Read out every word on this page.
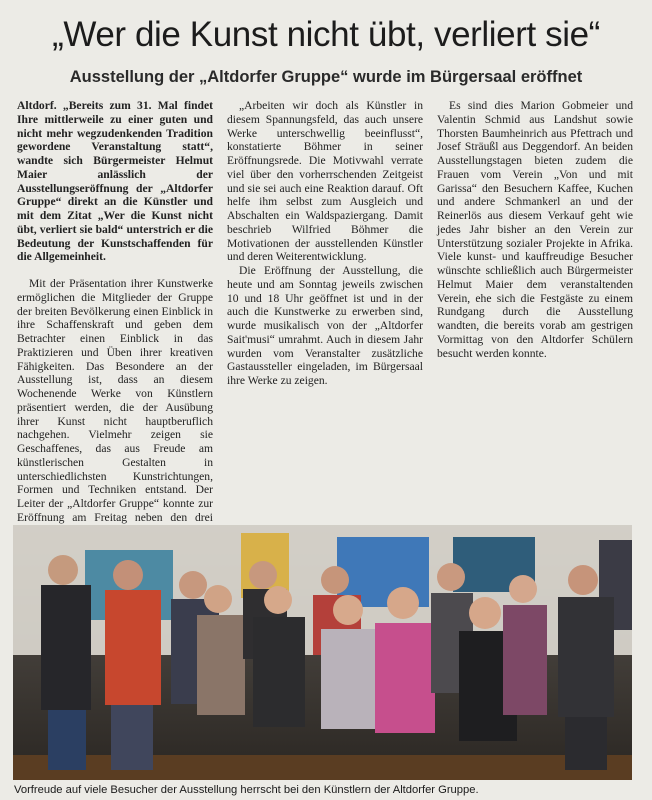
„Wer die Kunst nicht übt, verliert sie“
Ausstellung der „Altdorfer Gruppe“ wurde im Bürgersaal eröffnet

Altdorf. „Bereits zum 31. Mal findet Ihre mittlerweile zu einer guten und nicht mehr wegzudenkenden Tradition gewordene Veranstaltung statt“, wandte sich Bürgermeister Helmut Maier anlässlich der Ausstellungseröffnung der „Altdorfer Gruppe“ direkt an die Künstler und mit dem Zitat „Wer die Kunst nicht übt, verliert sie bald“ unterstrich er die Bedeutung der Kunstschaffenden für die Allgemeinheit.

Mit der Präsentation ihrer Kunstwerke ermöglichen die Mitglieder der Gruppe der breiten Bevölkerung einen Einblick in ihre Schaffenskraft und geben dem Betrachter einen Einblick in das Praktizieren und Üben ihrer kreativen Fähigkeiten. Das Besondere an der Ausstellung ist, dass an diesem Wochenende Werke von Künstlern präsentiert werden, die der Ausübung ihrer Kunst nicht hauptberuflich nachgehen. Vielmehr zeigen sie Geschaffenes, das aus Freude am künstlerischen Gestalten in unterschiedlichsten Kunstrichtungen, Formen und Techniken entstand. Der Leiter der „Altdorfer Gruppe“ konnte zur Eröffnung am Freitag neben den drei

„Arbeiten wir doch als Künstler in diesem Spannungsfeld, das auch unsere Werke unterschwellig beeinflusst“, konstatierte Böhmer in seiner Eröffnungsrede. Die Motivwahl verrate viel über den vorherrschenden Zeitgeist und sie sei auch eine Reaktion darauf. Oft helfe ihm selbst zum Ausgleich und Abschalten ein Waldspaziergang. Damit beschrieb Wilfried Böhmer die Motivationen der ausstellenden Künstler und deren Weiterentwicklung.

Die Eröffnung der Ausstellung, die heute und am Sonntag jeweils zwischen 10 und 18 Uhr geöffnet ist und in der auch die Kunstwerke zu erwerben sind, wurde musikalisch von der „Altdorfer Sait'musi“ umrahmt. Auch in diesem Jahr wurden vom Veranstalter zusätzliche Gastaussteller eingeladen, im Bürgersaal ihre Werke zu zeigen.

Es sind dies Marion Gobmeier und Valentin Schmid aus Landshut sowie Thorsten Baumheinrich aus Pfettrach und Josef Sträußl aus Deggendorf. An beiden Ausstellungstagen bieten zudem die Frauen vom Verein „Von und mit Garissa“ den Besuchern Kaffee, Kuchen und andere Schmankerl an und der Reinerlös aus diesem Verkauf geht wie jedes Jahr bisher an den Verein zur Unterstützung sozialer Projekte in Afrika. Viele kunst- und kauffreudige Besucher wünschte schließlich auch Bürgermeister Helmut Maier dem veranstaltenden Verein, ehe sich die Festgäste zu einem Rundgang durch die Ausstellung wandten, die bereits vorab am gestrigen Vormittag von den Altdorfer Schülern besucht werden konnte.

Vorfreude auf viele Besucher der Ausstellung herrscht bei den Künstlern der Altdorfer Gruppe.
